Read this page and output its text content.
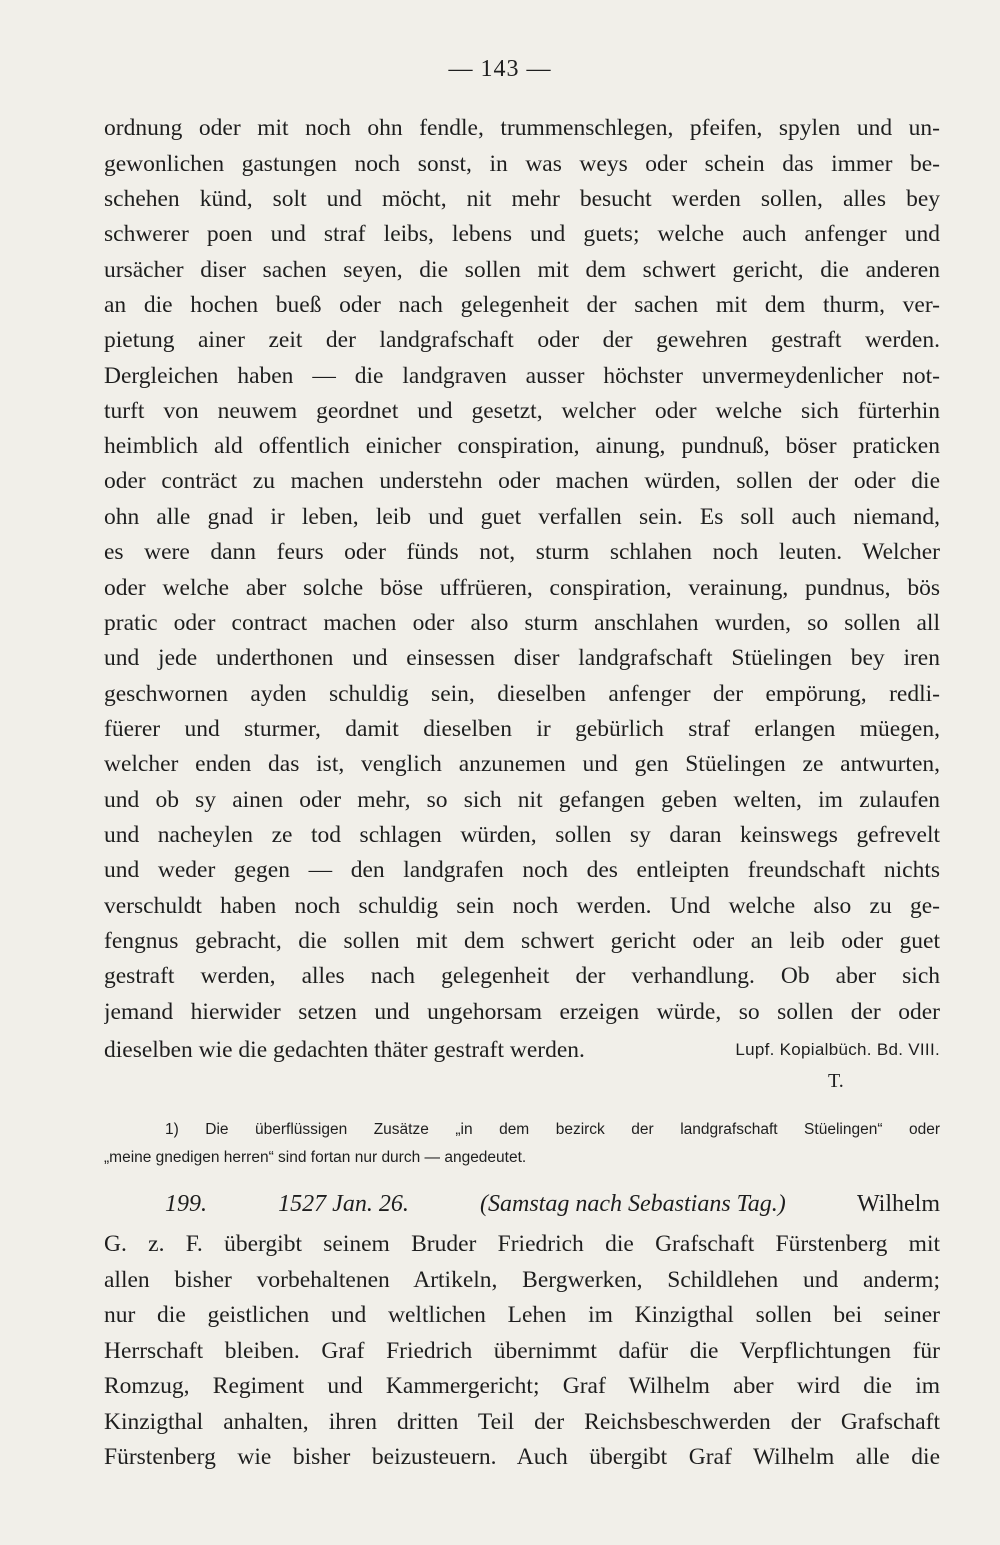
— 143 —
ordnung oder mit noch ohn fendle, trummenschlegen, pfeifen, spylen und un-
gewonlichen gastungen noch sonst, in was weys oder schein das immer be-
schehen künd, solt und möcht, nit mehr besucht werden sollen, alles bey
schwerer poen und straf leibs, lebens und guets; welche auch anfenger und
ursächer diser sachen seyen, die sollen mit dem schwert gericht, die anderen
an die hochen bueß oder nach gelegenheit der sachen mit dem thurm, ver-
pietung ainer zeit der landgrafschaft oder der gewehren gestraft werden.
Dergleichen haben — die landgraven ausser höchster unvermeydenlicher not-
turft von neuwem geordnet und gesetzt, welcher oder welche sich fürterhin
heimblich ald offentlich einicher conspiration, ainung, pundnuß, böser praticken
oder conträct zu machen understehn oder machen würden, sollen der oder die
ohn alle gnad ir leben, leib und guet verfallen sein. Es soll auch niemand,
es were dann feurs oder fünds not, sturm schlahen noch leuten. Welcher
oder welche aber solche böse uffrüeren, conspiration, verainung, pundnus, bös
pratic oder contract machen oder also sturm anschlahen wurden, so sollen all
und jede underthonen und einsessen diser landgrafschaft Stüelingen bey iren
geschwornen ayden schuldig sein, dieselben anfenger der empörung, redli-
füerer und sturmer, damit dieselben ir gebürlich straf erlangen müegen,
welcher enden das ist, venglich anzunemen und gen Stüelingen ze antwurten,
und ob sy ainen oder mehr, so sich nit gefangen geben welten, im zulaufen
und nacheylen ze tod schlagen würden, sollen sy daran keinswegs gefrevelt
und weder gegen — den landgrafen noch des entleipten freundschaft nichts
verschuldt haben noch schuldig sein noch werden. Und welche also zu ge-
fengnus gebracht, die sollen mit dem schwert gericht oder an leib oder guet
gestraft werden, alles nach gelegenheit der verhandlung. Ob aber sich
jemand hierwider setzen und ungehorsam erzeigen würde, so sollen der oder
dieselben wie die gedachten thäter gestraft werden.	Lupf. Kopialbüch. Bd. VIII.
T.
1) Die überflüssigen Zusätze „in dem bezirck der landgrafschaft Stüelingen“ oder
„meine gnedigen herren“ sind fortan nur durch — angedeutet.
199.	1527 Jan. 26.	(Samstag nach Sebastians Tag.)	Wilhelm
G. z. F. übergibt seinem Bruder Friedrich die Grafschaft Fürstenberg mit
allen bisher vorbehaltenen Artikeln, Bergwerken, Schildlehen und anderm;
nur die geistlichen und weltlichen Lehen im Kinzigthal sollen bei seiner
Herrschaft bleiben. Graf Friedrich übernimmt dafür die Verpflichtungen für
Romzug, Regiment und Kammergericht; Graf Wilhelm aber wird die im
Kinzigthal anhalten, ihren dritten Teil der Reichsbeschwerden der Grafschaft
Fürstenberg wie bisher beizusteuern. Auch übergibt Graf Wilhelm alle die
